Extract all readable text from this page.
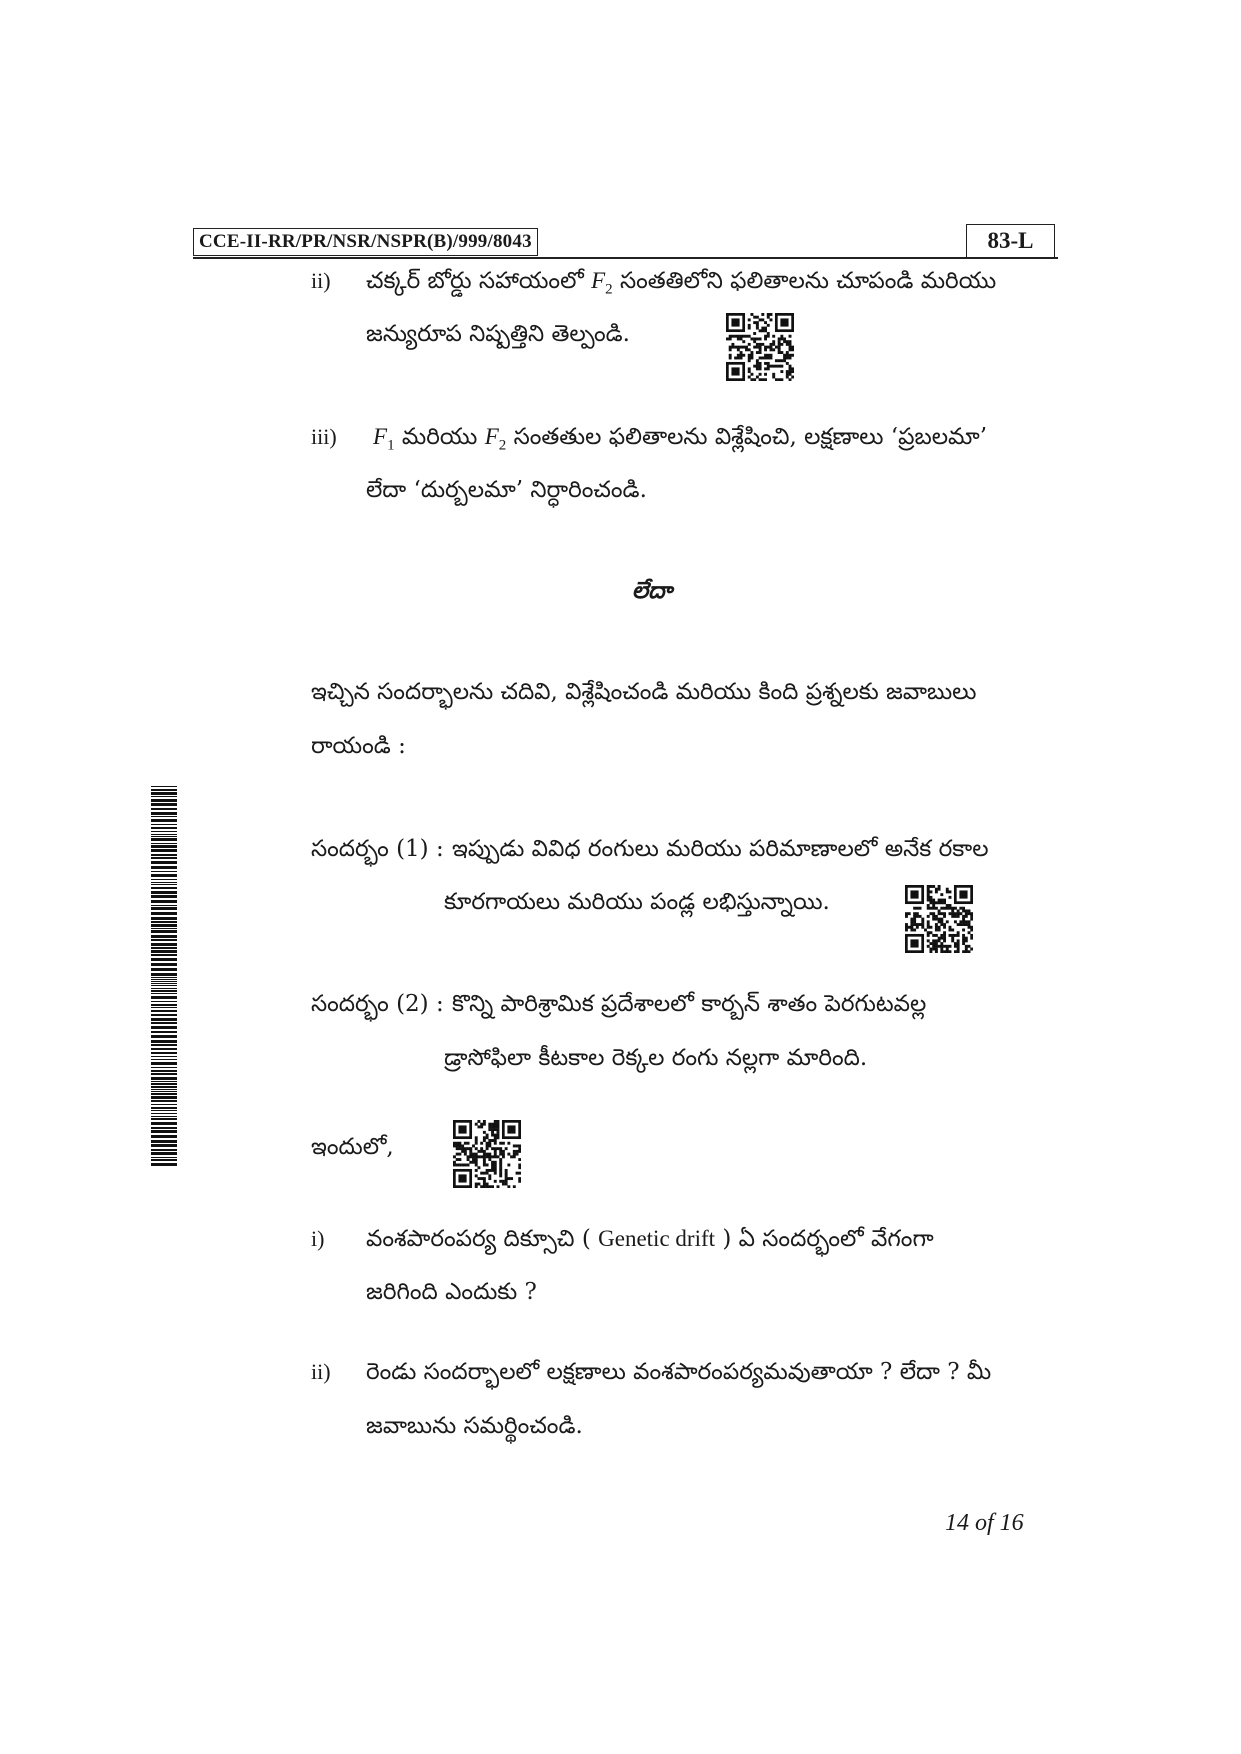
CCE-II-RR/PR/NSR/NSPR(B)/999/8043	83-L
ii) చక్కర్ బోర్డు సహాయంలో $F_2$ సంతతిలోని ఫలితాలను చూపండి మరియు
జన్యురూప నిష్పత్తిని తెల్పండి.
iii) $F_1$ మరియు $F_2$ సంతతుల ఫలితాలను విశ్లేషించి, లక్షణాలు ‘ప్రబలమా’
లేదా ‘దుర్బలమా’ నిర్ధారించండి.
లేదా
ఇచ్చిన సందర్భాలను చదివి, విశ్లేషించండి మరియు కింది ప్రశ్నలకు జవాబులు
రాయండి :
సందర్భం (1) : ఇప్పుడు వివిధ రంగులు మరియు పరిమాణాలలో అనేక రకాల
కూరగాయలు మరియు పండ్ల లభిస్తున్నాయి.
సందర్భం (2) : కొన్ని పారిశ్రామిక ప్రదేశాలలో కార్బన్ శాతం పెరగుటవల్ల
డ్రాసోఫిలా కీటకాల రెక్కల రంగు నల్లగా మారింది.
ఇందులో,
i) వంశపారంపర్య దిక్సూచి ( Genetic drift ) ఏ సందర్భంలో వేగంగా
జరిగింది ఎందుకు ?
ii) రెండు సందర్భాలలో లక్షణాలు వంశపారంపర్యమవుతాయా ? లేదా ? మీ
జవాబును సమర్థించండి.
14 of 16
